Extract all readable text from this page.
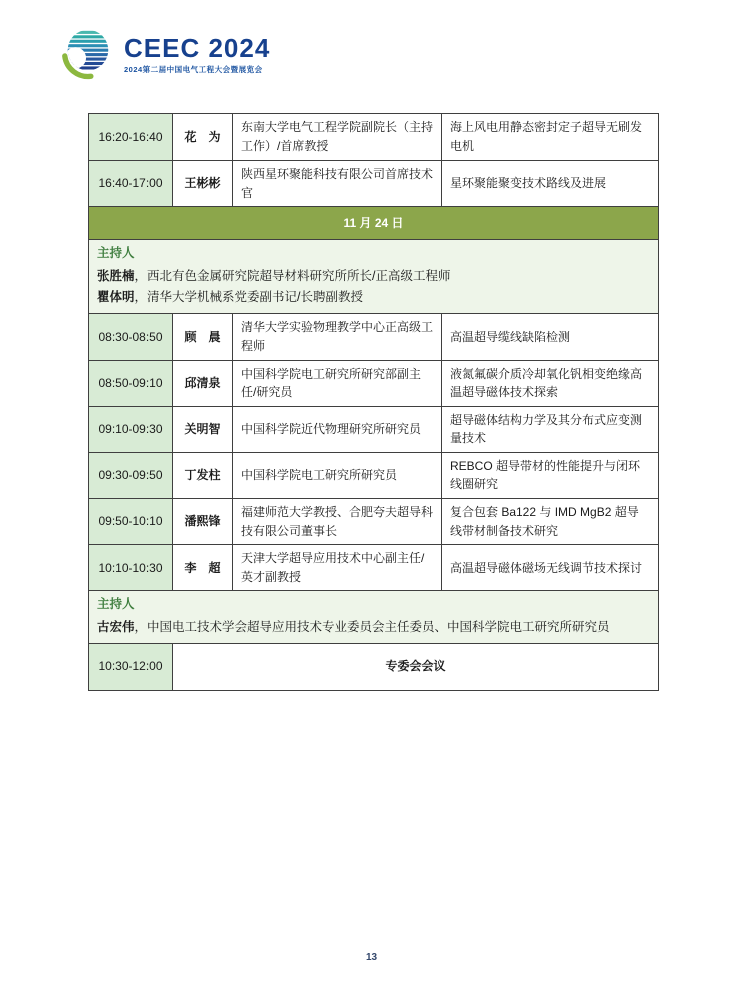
CEEC 2024
2024第二届中国电气工程大会暨展览会
16:20-16:40	花　为	东南大学电气工程学院副院长（主持工作）/首席教授	海上风电用静态密封定子超导无刷发电机
16:40-17:00	王彬彬	陕西星环聚能科技有限公司首席技术官	星环聚能聚变技术路线及进展
11 月 24 日			

主持人
张胜楠，西北有色金属研究院超导材料研究所所长/正高级工程师
瞿体明，清华大学机械系党委副书记/长聘副教授			

08:30-08:50	顾　晨	清华大学实验物理教学中心正高级工程师	高温超导缆线缺陷检测
08:50-09:10	邱清泉	中国科学院电工研究所研究部副主任/研究员	液氮氟碳介质冷却氧化钒相变绝缘高温超导磁体技术探索
09:10-09:30	关明智	中国科学院近代物理研究所研究员	超导磁体结构力学及其分布式应变测量技术
09:30-09:50	丁发柱	中国科学院电工研究所研究员	REBCO 超导带材的性能提升与闭环线圈研究
09:50-10:10	潘熙锋	福建师范大学教授、合肥夸夫超导科技有限公司董事长	复合包套 Ba122 与 IMD MgB2 超导线带材制备技术研究
10:10-10:30	李　超	天津大学超导应用技术中心副主任/英才副教授	高温超导磁体磁场无线调节技术探讨

主持人
古宏伟，中国电工技术学会超导应用技术专业委员会主任委员、中国科学院电工研究所研究员			

10:30-12:00	专委会会议		
13
